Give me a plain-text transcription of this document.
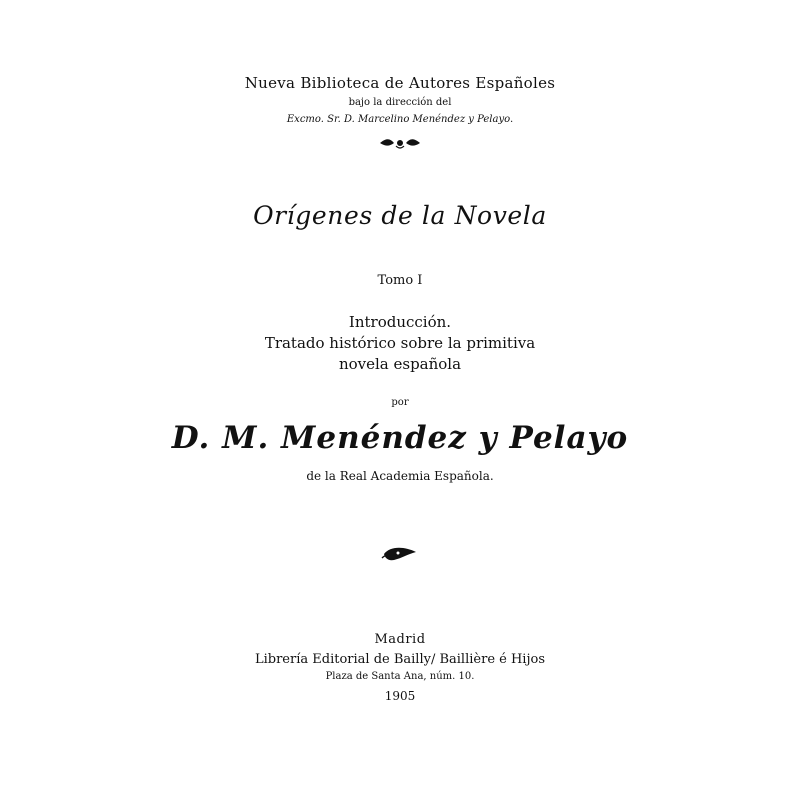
Nueva Biblioteca de Autores Españoles
bajo la dirección del
Excmo. Sr. D. Marcelino Menéndez y Pelayo.
Orígenes de la Novela
Tomo I
Introducción.
Tratado histórico sobre la primitiva
novela española
por
D. M. Menéndez y Pelayo
de la Real Academia Española.
Madrid
Librería Editorial de Bailly/ Baillière é Hijos
Plaza de Santa Ana, núm. 10.
1905
